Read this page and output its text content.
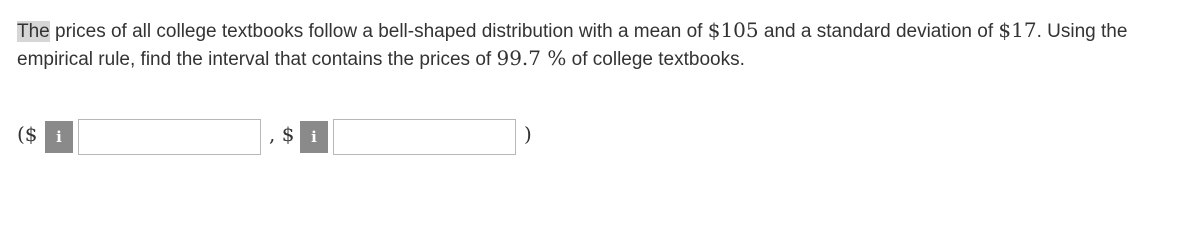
The prices of all college textbooks follow a bell-shaped distribution with a mean of $105 and a standard deviation of $17. Using the empirical rule, find the interval that contains the prices of 99.7 % of college textbooks.
($	i	, $	i	)
